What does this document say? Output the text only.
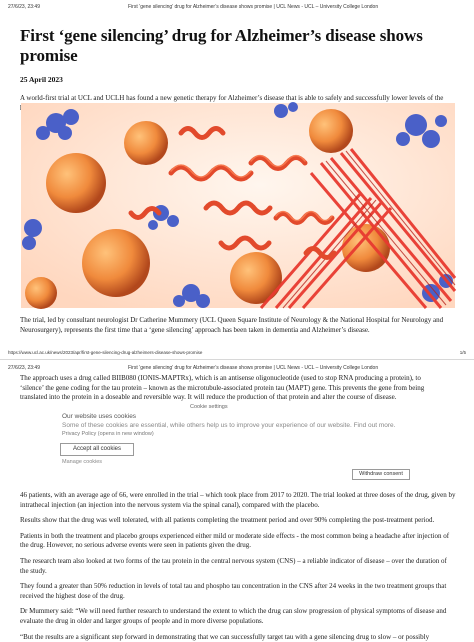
27/6/23, 23:49	First ‘gene silencing’ drug for Alzheimer’s disease shows promise | UCL News - UCL – University College London
First ‘gene silencing’ drug for Alzheimer’s disease shows promise
25 April 2023

A world-first trial at UCL and UCLH has found a new genetic therapy for Alzheimer’s disease that is able to safely and successfully lower levels of the

The trial, led by consultant neurologist Dr Catherine Mummery (UCL Queen Square Institute of Neurology & the National Hospital for Neurology and Neurosurgery), represents the first time that a ‘gene silencing’ approach has been taken in dementia and Alzheimer’s disease.

https://www.ucl.ac.uk/news/2023/apr/first-gene-silencing-drug-alzheimers-disease-shows-promise	1/5
27/6/23, 23:49	First ‘gene silencing’ drug for Alzheimer’s disease shows promise | UCL News - UCL – University College London

The approach uses a drug called BIIB080 (IONIS-MAPTRx), which is an antisense oligonucleotide (used to stop RNA producing a protein), to
‘silence’ the gene coding for the tau protein – known as the microtubule-associated protein tau (MAPT) gene. This prevents the gene from being
translated into the protein in a doseable and reversible way. It will reduce the production of that protein and alter the course of disease.

Cookie settings
Our website uses cookies
Some of these cookies are essential, while others help us to improve your experience of our website. Find out more.
Privacy Policy (opens in new window)
Accept all cookies
Manage cookies
Withdraw consent

46 patients, with an average age of 66, were enrolled in the trial – which took place from 2017 to 2020. The trial looked at three doses of the drug, given by intrathecal injection (an injection into the nervous system via the spinal canal), compared with the placebo.

Results show that the drug was well tolerated, with all patients completing the treatment period and over 90% completing the post-treatment period.

Patients in both the treatment and placebo groups experienced either mild or moderate side effects - the most common being a headache after injection of the drug. However, no serious adverse events were seen in patients given the drug.

The research team also looked at two forms of the tau protein in the central nervous system (CNS) – a reliable indicator of disease – over the duration of the study.

They found a greater than 50% reduction in levels of total tau and phospho tau concentration in the CNS after 24 weeks in the two treatment groups that received the highest dose of the drug.

Dr Mummery said: “We will need further research to understand the extent to which the drug can slow progression of physical symptoms of disease and evaluate the drug in older and larger groups of people and in more diverse populations.

“But the results are a significant step forward in demonstrating that we can successfully target tau with a gene silencing drug to slow – or possibly
